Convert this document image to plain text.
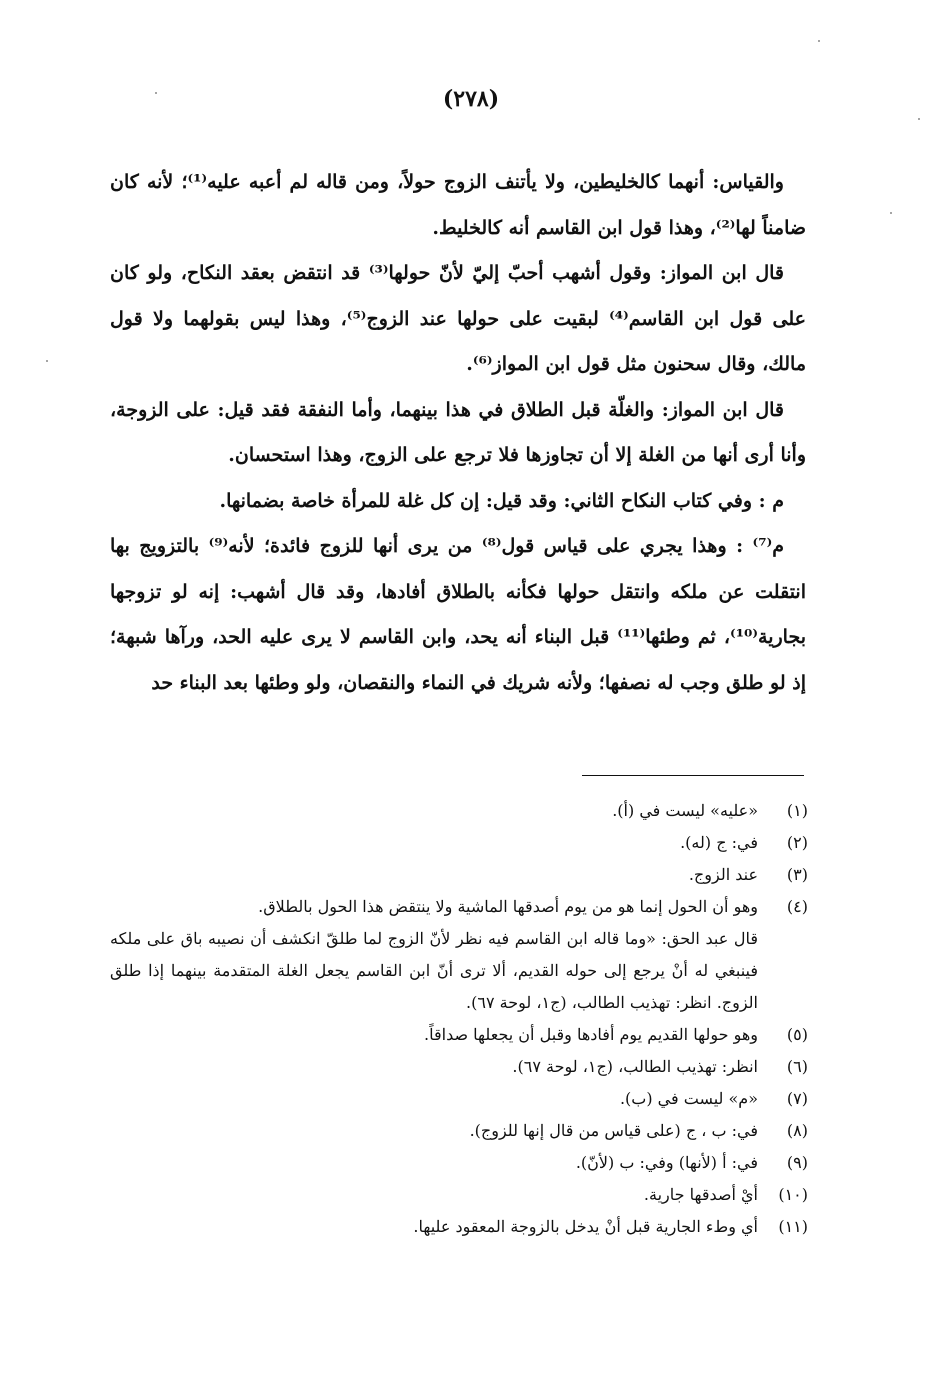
(٢٧٨)

والقياس: أنهما كالخليطين، ولا يأتنف الزوج حولاً، ومن قاله لم أعبه عليه⁽¹⁾؛ لأنه كان ضامناً لها⁽²⁾، وهذا قول ابن القاسم أنه كالخليط.

قال ابن المواز: وقول أشهب أحبّ إليّ لأنّ حولها⁽³⁾ قد انتقض بعقد النكاح، ولو كان على قول ابن القاسم⁽⁴⁾ لبقيت على حولها عند الزوج⁽⁵⁾، وهذا ليس بقولهما ولا قول مالك، وقال سحنون مثل قول ابن المواز⁽⁶⁾.

قال ابن المواز: والغلّة قبل الطلاق في هذا بينهما، وأما النفقة فقد قيل: على الزوجة، وأنا أرى أنها من الغلة إلا أن تجاوزها فلا ترجع على الزوج، وهذا استحسان.

م : وفي كتاب النكاح الثاني: وقد قيل: إن كل غلة للمرأة خاصة بضمانها.

م⁽⁷⁾ : وهذا يجري على قياس قول⁽⁸⁾ من يرى أنها للزوج فائدة؛ لأنه⁽⁹⁾ بالتزويج بها انتقلت عن ملكه وانتقل حولها فكأنه بالطلاق أفادها، وقد قال أشهب: إنه لو تزوجها بجارية⁽¹⁰⁾، ثم وطئها⁽¹¹⁾ قبل البناء أنه يحد، وابن القاسم لا يرى عليه الحد، ورآها شبهة؛ إذ لو طلق وجب له نصفها؛ ولأنه شريك في النماء والنقصان، ولو وطئها بعد البناء حد

(١)
«عليه» ليست في (أ).
(٢)
في: ج (له).
(٣)
عند الزوج.
(٤)
وهو أن الحول إنما هو من يوم أصدقها الماشية ولا ينتقض هذا الحول بالطلاق.
قال عبد الحق: «وما قاله ابن القاسم فيه نظر لأنّ الزوج لما طلقّ انكشف أن نصيبه باق على ملكه فينبغي له أنْ يرجع إلى حوله القديم، ألا ترى أنّ ابن القاسم يجعل الغلة المتقدمة بينهما إذا طلق الزوج. انظر: تهذيب الطالب، (ج١، لوحة ٦٧).
(٥)
وهو حولها القديم يوم أفادها وقبل أن يجعلها صداقاً.
(٦)
انظر: تهذيب الطالب، (ج١، لوحة ٦٧).
(٧)
«م» ليست في (ب).
(٨)
في: ب ، ج (على قياس من قال إنها للزوج).
(٩)
في: أ (لأنها) وفي: ب (لأنّ).
(١٠)
أيْ أصدقها جارية.
(١١)
أي وطء الجارية قبل أنْ يدخل بالزوجة المعقود عليها.
